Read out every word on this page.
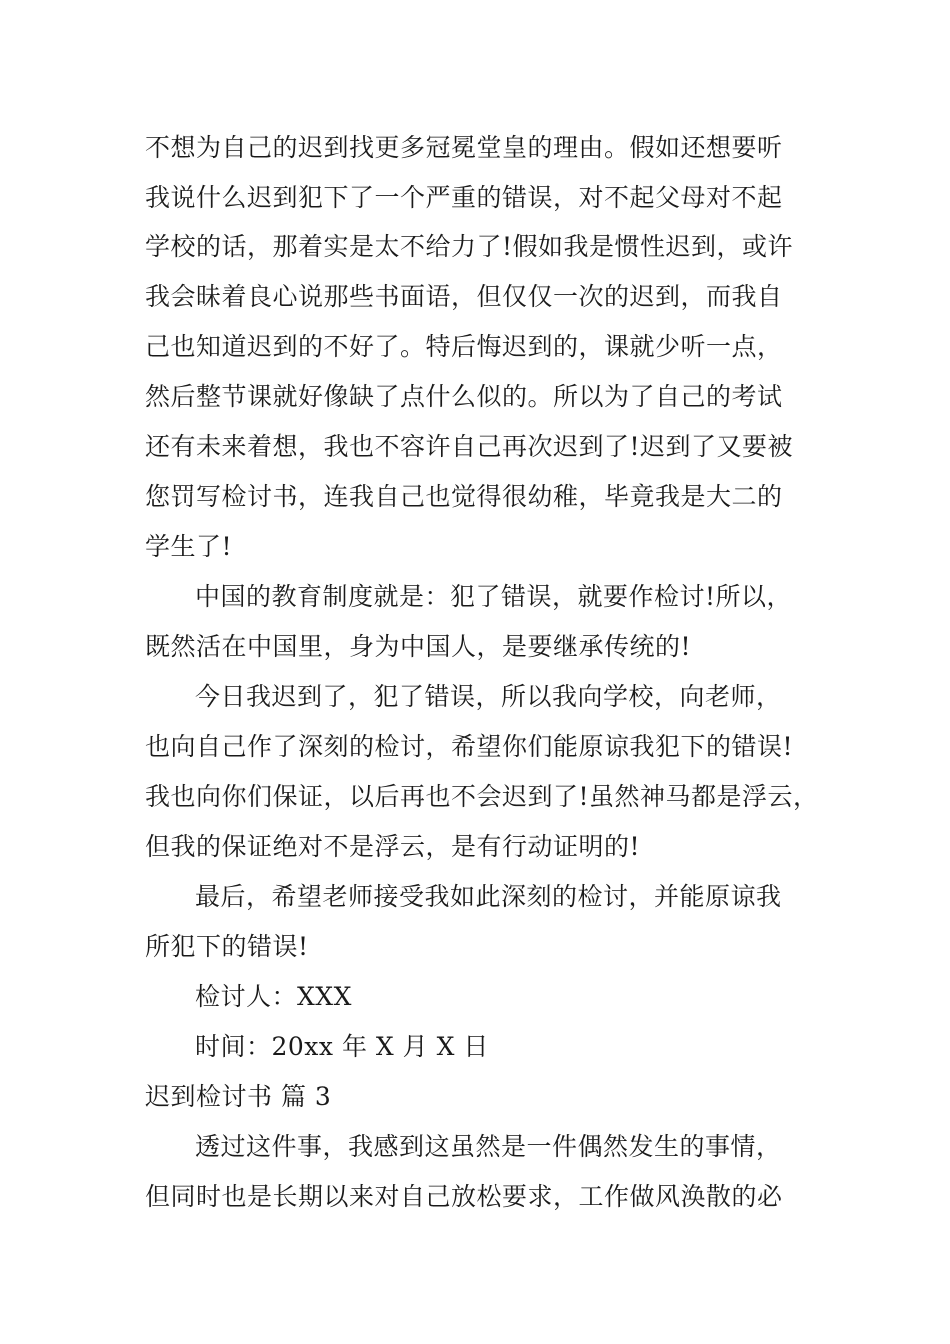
不想为自己的迟到找更多冠冕堂皇的理由。假如还想要听
我说什么迟到犯下了一个严重的错误，对不起父母对不起
学校的话，那着实是太不给力了!假如我是惯性迟到，或许
我会昧着良心说那些书面语，但仅仅一次的迟到，而我自
己也知道迟到的不好了。特后悔迟到的，课就少听一点，
然后整节课就好像缺了点什么似的。所以为了自己的考试
还有未来着想，我也不容许自己再次迟到了!迟到了又要被
您罚写检讨书，连我自己也觉得很幼稚，毕竟我是大二的
学生了!
中国的教育制度就是：犯了错误，就要作检讨!所以，
既然活在中国里，身为中国人，是要继承传统的!
今日我迟到了，犯了错误，所以我向学校，向老师，
也向自己作了深刻的检讨，希望你们能原谅我犯下的错误!
我也向你们保证，以后再也不会迟到了!虽然神马都是浮云，
但我的保证绝对不是浮云，是有行动证明的!
最后，希望老师接受我如此深刻的检讨，并能原谅我
所犯下的错误!
检讨人：XXX
时间：20xx 年 X 月 X 日
迟到检讨书 篇 3
透过这件事，我感到这虽然是一件偶然发生的事情，
但同时也是长期以来对自己放松要求，工作做风涣散的必
